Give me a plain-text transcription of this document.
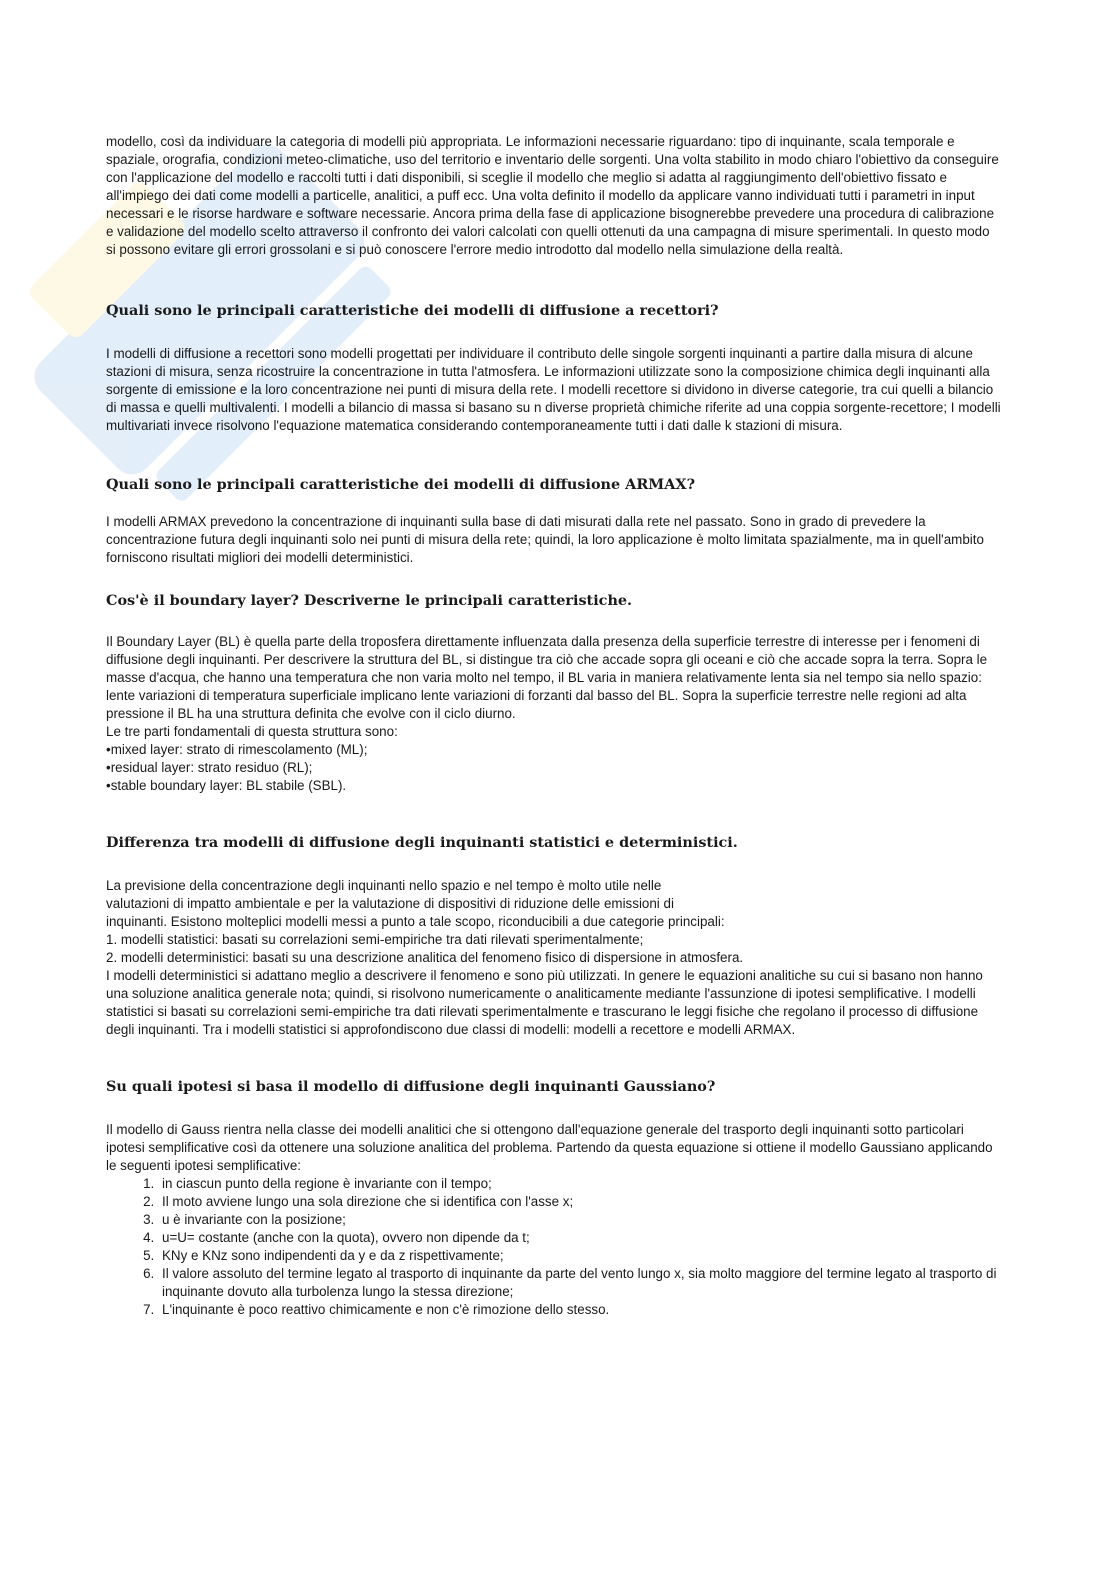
modello, così da individuare la categoria di modelli più appropriata. Le informazioni necessarie riguardano: tipo di inquinante, scala temporale e spaziale, orografia, condizioni meteo-climatiche, uso del territorio e inventario delle sorgenti. Una volta stabilito in modo chiaro l'obiettivo da conseguire con l'applicazione del modello e raccolti tutti i dati disponibili, si sceglie il modello che meglio si adatta al raggiungimento dell'obiettivo fissato e all'impiego dei dati come modelli a particelle, analitici, a puff ecc. Una volta definito il modello da applicare vanno individuati tutti i parametri in input necessari e le risorse hardware e software necessarie. Ancora prima della fase di applicazione bisognerebbe prevedere una procedura di calibrazione e validazione del modello scelto attraverso il confronto dei valori calcolati con quelli ottenuti da una campagna di misure sperimentali. In questo modo si possono evitare gli errori grossolani e si può conoscere l'errore medio introdotto dal modello nella simulazione della realtà.

Quali sono le principali caratteristiche dei modelli di diffusione a recettori?

I modelli di diffusione a recettori sono modelli progettati per individuare il contributo delle singole sorgenti inquinanti a partire dalla misura di alcune stazioni di misura, senza ricostruire la concentrazione in tutta l'atmosfera. Le informazioni utilizzate sono la composizione chimica degli inquinanti alla sorgente di emissione e la loro concentrazione nei punti di misura della rete. I modelli recettore si dividono in diverse categorie, tra cui quelli a bilancio di massa e quelli multivalenti. I modelli a bilancio di massa si basano su n diverse proprietà chimiche riferite ad una coppia sorgente-recettore; I modelli multivariati invece risolvono l'equazione matematica considerando contemporaneamente tutti i dati dalle k stazioni di misura.

Quali sono le principali caratteristiche dei modelli di diffusione ARMAX?

I modelli ARMAX prevedono la concentrazione di inquinanti sulla base di dati misurati dalla rete nel passato. Sono in grado di prevedere la concentrazione futura degli inquinanti solo nei punti di misura della rete; quindi, la loro applicazione è molto limitata spazialmente, ma in quell'ambito forniscono risultati migliori dei modelli deterministici.

Cos'è il boundary layer? Descriverne le principali caratteristiche.

Il Boundary Layer (BL) è quella parte della troposfera direttamente influenzata dalla presenza della superficie terrestre di interesse per i fenomeni di diffusione degli inquinanti. Per descrivere la struttura del BL, si distingue tra ciò che accade sopra gli oceani e ciò che accade sopra la terra. Sopra le masse d'acqua, che hanno una temperatura che non varia molto nel tempo, il BL varia in maniera relativamente lenta sia nel tempo sia nello spazio: lente variazioni di temperatura superficiale implicano lente variazioni di forzanti dal basso del BL. Sopra la superficie terrestre nelle regioni ad alta pressione il BL ha una struttura definita che evolve con il ciclo diurno.

Le tre parti fondamentali di questa struttura sono:

• mixed layer: strato di rimescolamento (ML);
• residual layer: strato residuo (RL);
• stable boundary layer: BL stabile (SBL).
Differenza tra modelli di diffusione degli inquinanti statistici e deterministici.

La previsione della concentrazione degli inquinanti nello spazio e nel tempo è molto utile nelle
valutazioni di impatto ambientale e per la valutazione di dispositivi di riduzione delle emissioni di
inquinanti. Esistono molteplici modelli messi a punto a tale scopo, riconducibili a due categorie principali:
1. modelli statistici: basati su correlazioni semi-empiriche tra dati rilevati sperimentalmente;
2. modelli deterministici: basati su una descrizione analitica del fenomeno fisico di dispersione in atmosfera.

I modelli deterministici si adattano meglio a descrivere il fenomeno e sono più utilizzati. In genere le equazioni analitiche su cui si basano non hanno una soluzione analitica generale nota; quindi, si risolvono numericamente o analiticamente mediante l'assunzione di ipotesi semplificative. I modelli statistici si basati su correlazioni semi-empiriche tra dati rilevati sperimentalmente e trascurano le leggi fisiche che regolano il processo di diffusione degli inquinanti. Tra i modelli statistici si approfondiscono due classi di modelli: modelli a recettore e modelli ARMAX.

Su quali ipotesi si basa il modello di diffusione degli inquinanti Gaussiano?

Il modello di Gauss rientra nella classe dei modelli analitici che si ottengono dall'equazione generale del trasporto degli inquinanti sotto particolari ipotesi semplificative così da ottenere una soluzione analitica del problema. Partendo da questa equazione si ottiene il modello Gaussiano applicando le seguenti ipotesi semplificative:

1. in ciascun punto della regione è invariante con il tempo;
2. Il moto avviene lungo una sola direzione che si identifica con l'asse x;
3. u è invariante con la posizione;
4. u=U= costante (anche con la quota), ovvero non dipende da t;
5. KNy e KNz sono indipendenti da y e da z rispettivamente;
6. Il valore assoluto del termine legato al trasporto di inquinante da parte del vento lungo x, sia molto maggiore del termine legato al trasporto di inquinante dovuto alla turbolenza lungo la stessa direzione;
7. L'inquinante è poco reattivo chimicamente e non c'è rimozione dello stesso.
